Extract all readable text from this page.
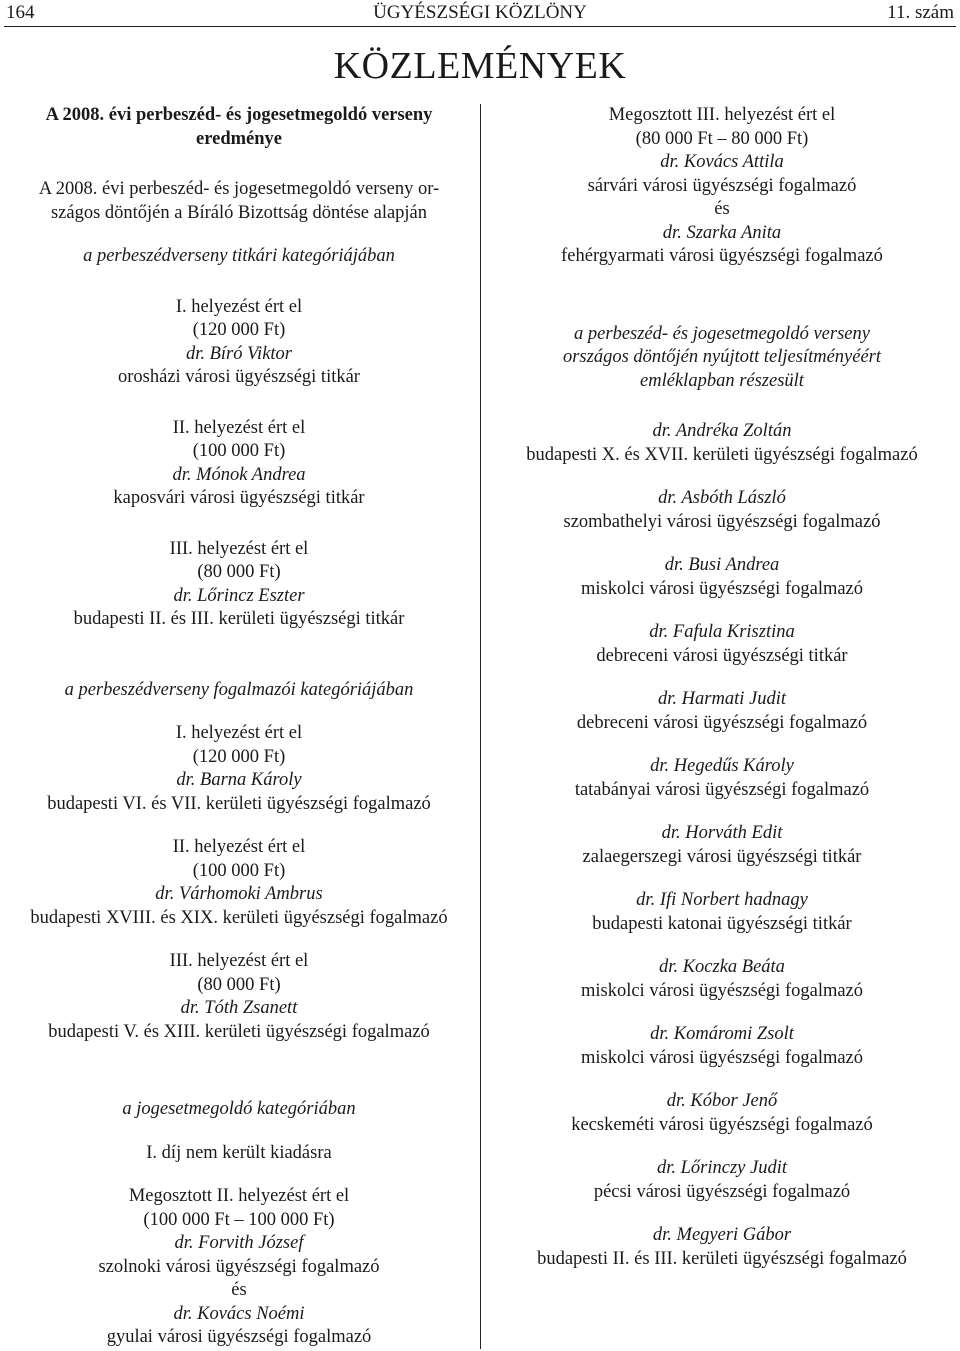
164	ÜGYÉSZSÉGI KÖZLÖNY	11. szám
KÖZLEMÉNYEK
A 2008. évi perbeszéd- és jogesetmegoldó verseny
eredménye
A 2008. évi perbeszéd- és jogesetmegoldó verseny or-
szágos döntőjén a Bíráló Bizottság döntése alapján
a perbeszédverseny titkári kategóriájában
I. helyezést ért el
(120 000 Ft)
dr. Bíró Viktor
orosházi városi ügyészségi titkár
II. helyezést ért el
(100 000 Ft)
dr. Mónok Andrea
kaposvári városi ügyészségi titkár
III. helyezést ért el
(80 000 Ft)
dr. Lőrincz Eszter
budapesti II. és III. kerületi ügyészségi titkár
a perbeszédverseny fogalmazói kategóriájában
I. helyezést ért el
(120 000 Ft)
dr. Barna Károly
budapesti VI. és VII. kerületi ügyészségi fogalmazó
II. helyezést ért el
(100 000 Ft)
dr. Várhomoki Ambrus
budapesti XVIII. és XIX. kerületi ügyészségi fogalmazó
III. helyezést ért el
(80 000 Ft)
dr. Tóth Zsanett
budapesti V. és XIII. kerületi ügyészségi fogalmazó
a jogesetmegoldó kategóriában
I. díj nem került kiadásra
Megosztott II. helyezést ért el
(100 000 Ft – 100 000 Ft)
dr. Forvith József
szolnoki városi ügyészségi fogalmazó
és
dr. Kovács Noémi
gyulai városi ügyészségi fogalmazó
Megosztott III. helyezést ért el
(80 000 Ft – 80 000 Ft)
dr. Kovács Attila
sárvári városi ügyészségi fogalmazó
és
dr. Szarka Anita
fehérgyarmati városi ügyészségi fogalmazó
a perbeszéd- és jogesetmegoldó verseny
országos döntőjén nyújtott teljesítményéért
emléklapban részesült
dr. Andréka Zoltán
budapesti X. és XVII. kerületi ügyészségi fogalmazó
dr. Asbóth László
szombathelyi városi ügyészségi fogalmazó
dr. Busi Andrea
miskolci városi ügyészségi fogalmazó
dr. Fafula Krisztina
debreceni városi ügyészségi titkár
dr. Harmati Judit
debreceni városi ügyészségi fogalmazó
dr. Hegedűs Károly
tatabányai városi ügyészségi fogalmazó
dr. Horváth Edit
zalaegerszegi városi ügyészségi titkár
dr. Ifi Norbert hadnagy
budapesti katonai ügyészségi titkár
dr. Koczka Beáta
miskolci városi ügyészségi fogalmazó
dr. Komáromi Zsolt
miskolci városi ügyészségi fogalmazó
dr. Kóbor Jenő
kecskeméti városi ügyészségi fogalmazó
dr. Lőrinczy Judit
pécsi városi ügyészségi fogalmazó
dr. Megyeri Gábor
budapesti II. és III. kerületi ügyészségi fogalmazó
